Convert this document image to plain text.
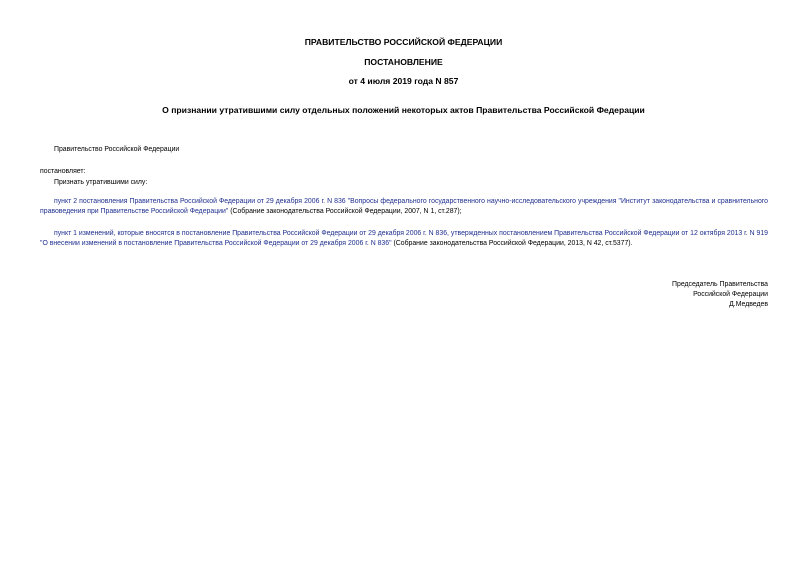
ПРАВИТЕЛЬСТВО РОССИЙСКОЙ ФЕДЕРАЦИИ
ПОСТАНОВЛЕНИЕ
от 4 июля 2019 года N 857
О признании утратившими силу отдельных положений некоторых актов Правительства Российской Федерации
Правительство Российской Федерации
постановляет:
Признать утратившими силу:
пункт 2 постановления Правительства Российской Федерации от 29 декабря 2006 г. N 836 "Вопросы федерального государственного научно-исследовательского учреждения "Институт законодательства и сравнительного правоведения при Правительстве Российской Федерации" (Собрание законодательства Российской Федерации, 2007, N 1, ст.287);
пункт 1 изменений, которые вносятся в постановление Правительства Российской Федерации от 29 декабря 2006 г. N 836, утвержденных постановлением Правительства Российской Федерации от 12 октября 2013 г. N 919 "О внесении изменений в постановление Правительства Российской Федерации от 29 декабря 2006 г. N 836" (Собрание законодательства Российской Федерации, 2013, N 42, ст.5377).
Председатель Правительства
Российской Федерации
Д.Медведев
